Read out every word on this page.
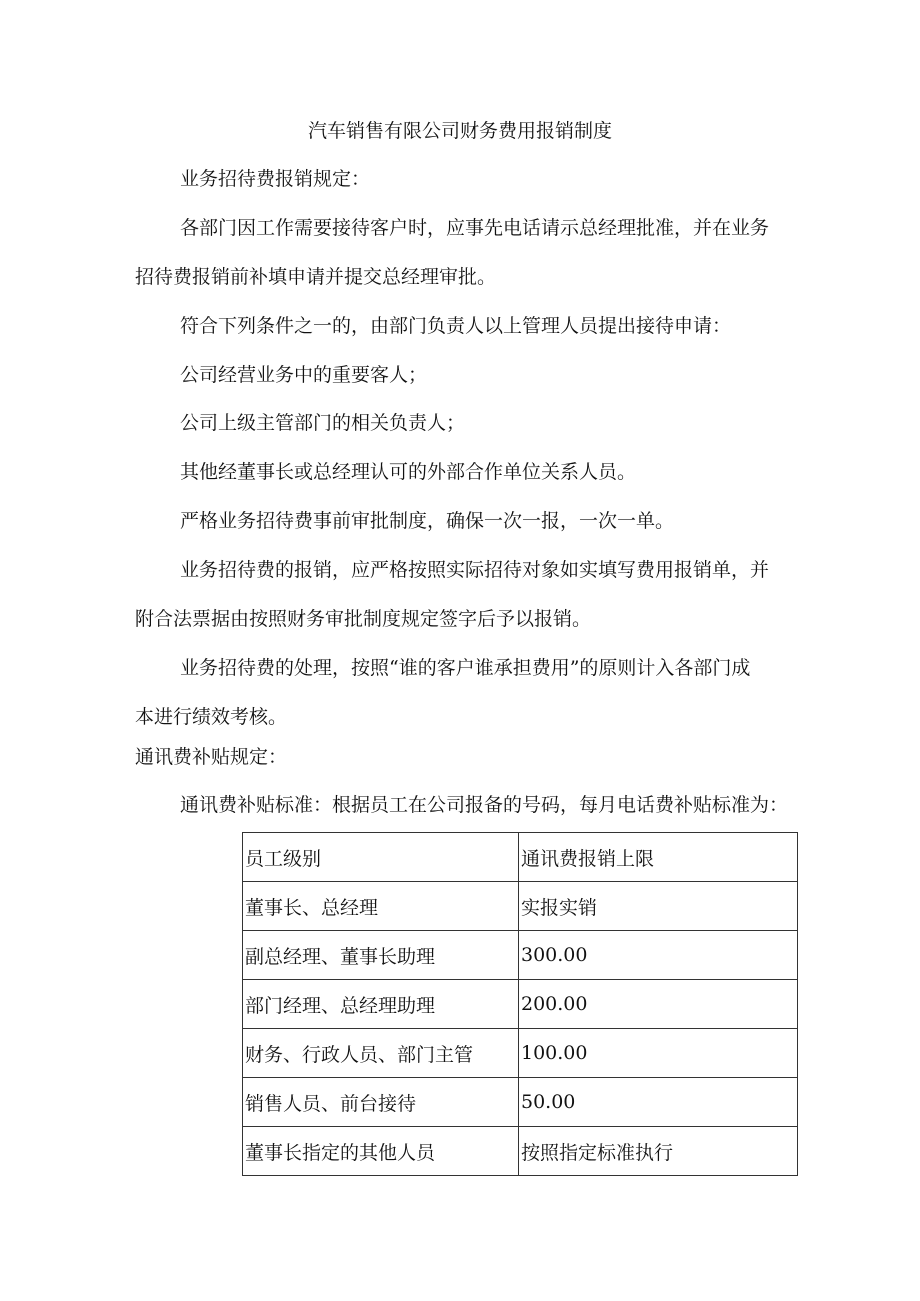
汽车销售有限公司财务费用报销制度
业务招待费报销规定：
各部门因工作需要接待客户时，应事先电话请示总经理批准，并在业务
招待费报销前补填申请并提交总经理审批。
符合下列条件之一的，由部门负责人以上管理人员提出接待申请：
公司经营业务中的重要客人；
公司上级主管部门的相关负责人；
其他经董事长或总经理认可的外部合作单位关系人员。
严格业务招待费事前审批制度，确保一次一报，一次一单。
业务招待费的报销，应严格按照实际招待对象如实填写费用报销单，并
附合法票据由按照财务审批制度规定签字后予以报销。
业务招待费的处理，按照“谁的客户谁承担费用”的原则计入各部门成
本进行绩效考核。
通讯费补贴规定：
通讯费补贴标准：根据员工在公司报备的号码，每月电话费补贴标准为：
员工级别	通讯费报销上限
董事长、总经理	实报实销
副总经理、董事长助理	300.00
部门经理、总经理助理	200.00
财务、行政人员、部门主管	100.00
销售人员、前台接待	50.00
董事长指定的其他人员	按照指定标准执行
